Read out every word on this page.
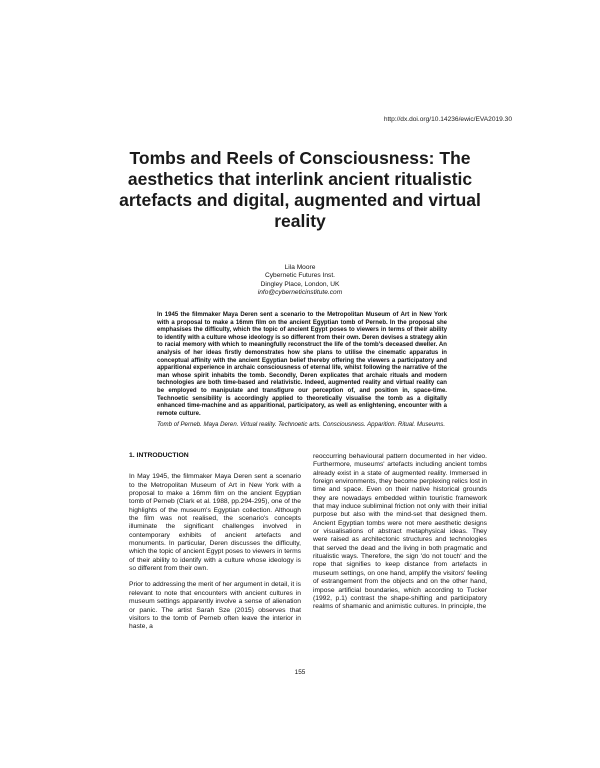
http://dx.doi.org/10.14236/ewic/EVA2019.30
Tombs and Reels of Consciousness: The aesthetics that interlink ancient ritualistic artefacts and digital, augmented and virtual reality
Lila Moore
Cybernetic Futures Inst.
Dingley Place, London, UK
info@cyberneticinstitute.com
In 1945 the filmmaker Maya Deren sent a scenario to the Metropolitan Museum of Art in New York with a proposal to make a 16mm film on the ancient Egyptian tomb of Perneb. In the proposal she emphasises the difficulty, which the topic of ancient Egypt poses to viewers in terms of their ability to identify with a culture whose ideology is so different from their own. Deren devises a strategy akin to racial memory with which to meaningfully reconstruct the life of the tomb's deceased dweller. An analysis of her ideas firstly demonstrates how she plans to utilise the cinematic apparatus in conceptual affinity with the ancient Egyptian belief thereby offering the viewers a participatory and apparitional experience in archaic consciousness of eternal life, whilst following the narrative of the man whose spirit inhabits the tomb. Secondly, Deren explicates that archaic rituals and modern technologies are both time-based and relativistic. Indeed, augmented reality and virtual reality can be employed to manipulate and transfigure our perception of, and position in, space-time. Technoetic sensibility is accordingly applied to theoretically visualise the tomb as a digitally enhanced time-machine and as apparitional, participatory, as well as enlightening, encounter with a remote culture.
Tomb of Perneb. Maya Deren. Virtual reality. Technoetic arts. Consciousness. Apparition. Ritual. Museums.
1. INTRODUCTION

In May 1945, the filmmaker Maya Deren sent a scenario to the Metropolitan Museum of Art in New York with a proposal to make a 16mm film on the ancient Egyptian tomb of Perneb (Clark et al. 1988, pp.294-295), one of the highlights of the museum's Egyptian collection. Although the film was not realised, the scenario's concepts illuminate the significant challenges involved in contemporary exhibits of ancient artefacts and monuments. In particular, Deren discusses the difficulty, which the topic of ancient Egypt poses to viewers in terms of their ability to identify with a culture whose ideology is so different from their own.

Prior to addressing the merit of her argument in detail, it is relevant to note that encounters with ancient cultures in museum settings apparently involve a sense of alienation or panic. The artist Sarah Sze (2015) observes that visitors to the tomb of Perneb often leave the interior in haste, a

reoccurring behavioural pattern documented in her video. Furthermore, museums' artefacts including ancient tombs already exist in a state of augmented reality. Immersed in foreign environments, they become perplexing relics lost in time and space. Even on their native historical grounds they are nowadays embedded within touristic framework that may induce subliminal friction not only with their initial purpose but also with the mind-set that designed them. Ancient Egyptian tombs were not mere aesthetic designs or visualisations of abstract metaphysical ideas. They were raised as architectonic structures and technologies that served the dead and the living in both pragmatic and ritualistic ways. Therefore, the sign 'do not touch' and the rope that signifies to keep distance from artefacts in museum settings, on one hand, amplify the visitors' feeling of estrangement from the objects and on the other hand, impose artificial boundaries, which according to Tucker (1992, p.1) contrast the shape-shifting and participatory realms of shamanic and animistic cultures. In principle, the

155
